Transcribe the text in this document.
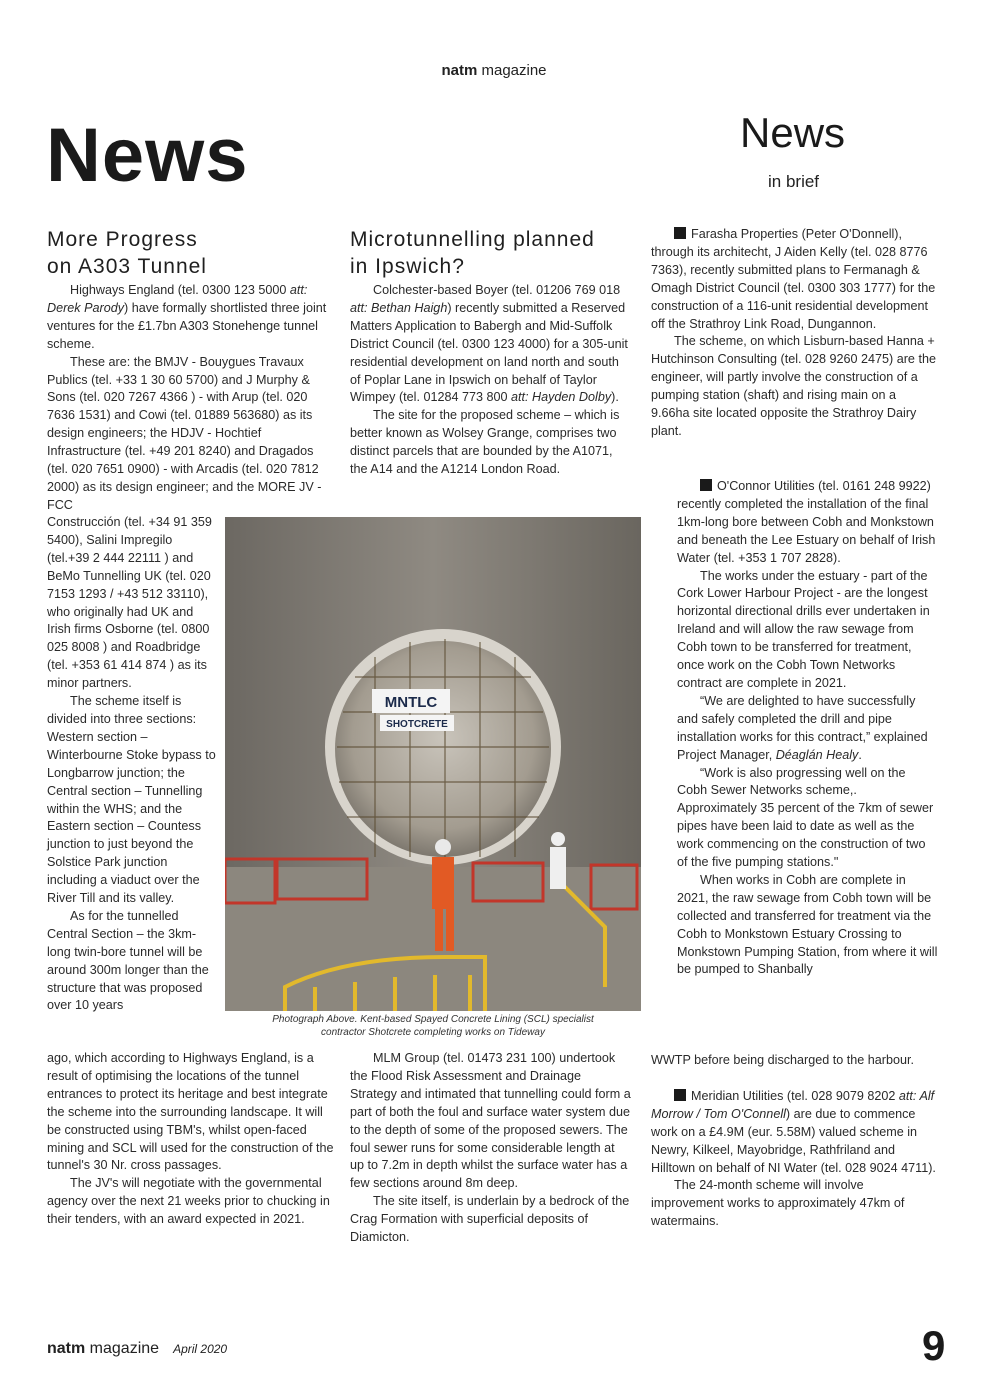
natm magazine
News	News
in brief
More Progress
on A303 Tunnel

Highways England (tel. 0300 123 5000 att: Derek Parody) have formally shortlisted three joint ventures for the £1.7bn A303 Stonehenge tunnel scheme.

These are: the BMJV - Bouygues Travaux Publics (tel. +33 1 30 60 5700) and J Murphy & Sons (tel. 020 7267 4366 ) - with Arup (tel. 020 7636 1531) and Cowi (tel. 01889 563680) as its design engineers; the HDJV - Hochtief Infrastructure (tel. +49 201 8240) and Dragados (tel. 020 7651 0900) - with Arcadis (tel. 020 7812 2000) as its design engineer; and the MORE JV - FCC

Construcción (tel. +34 91 359 5400), Salini Impregilo (tel.+39 2 444 22111 ) and BeMo Tunnelling UK (tel. 020 7153 1293 / +43 512 33110), who originally had UK and Irish firms Osborne (tel. 0800 025 8008 ) and Roadbridge (tel. +353 61 414 874 ) as its minor partners.

The scheme itself is divided into three sections: Western section – Winterbourne Stoke bypass to Longbarrow junction; the Central section – Tunnelling within the WHS; and the Eastern section – Countess junction to just beyond the Solstice Park junction including a viaduct over the River Till and its valley.

As for the tunnelled Central Section – the 3km-long twin-bore tunnel will be around 300m longer than the structure that was proposed over 10 years

ago, which according to Highways England, is a result of optimising the locations of the tunnel entrances to protect its heritage and best integrate the scheme into the surrounding landscape. It will be constructed using TBM's, whilst open-faced mining and SCL will used for the construction of the tunnel's 30 Nr. cross passages.

The JV's will negotiate with the governmental agency over the next 21 weeks prior to chucking in their tenders, with an award expected in 2021.

Microtunnelling planned
in Ipswich?

Colchester-based Boyer (tel. 01206 769 018 att: Bethan Haigh) recently submitted a Reserved Matters Application to Babergh and Mid-Suffolk District Council (tel. 0300 123 4000) for a 305-unit residential development on land north and south of Poplar Lane in Ipswich on behalf of Taylor Wimpey (tel. 01284 773 800 att: Hayden Dolby).

The site for the proposed scheme – which is better known as Wolsey Grange, comprises two distinct parcels that are bounded by the A1071, the A14 and the A1214 London Road.

MLM Group (tel. 01473 231 100) undertook the Flood Risk Assessment and Drainage Strategy and intimated that tunnelling could form a part of both the foul and surface water system due to the depth of some of the proposed sewers. The foul sewer runs for some considerable length at up to 7.2m in depth whilst the surface water has a few sections around 8m deep.

The site itself, is underlain by a bedrock of the Crag Formation with superficial deposits of Diamicton.

Farasha Properties (Peter O'Donnell), through its architecht, J Aiden Kelly (tel. 028 8776 7363), recently submitted plans to Fermanagh & Omagh District Council (tel. 0300 303 1777) for the construction of a 116-unit residential development off the Strathroy Link Road, Dungannon.

The scheme, on which Lisburn-based Hanna + Hutchinson Consulting (tel. 028 9260 2475) are the engineer, will partly involve the construction of a pumping station (shaft) and rising main on a 9.66ha site located opposite the Strathroy Dairy plant.

O'Connor Utilities (tel. 0161 248 9922) recently completed the installation of the final 1km-long bore between Cobh and Monkstown and beneath the Lee Estuary on behalf of Irish Water (tel. +353 1 707 2828).

The works under the estuary - part of the Cork Lower Harbour Project - are the longest horizontal directional drills ever undertaken in Ireland and will allow the raw sewage from Cobh town to be transferred for treatment, once work on the Cobh Town Networks contract are complete in 2021.

“We are delighted to have successfully and safely completed the drill and pipe installation works for this contract,” explained Project Manager, Déaglán Healy.

“Work is also progressing well on the Cobh Sewer Networks scheme,. Approximately 35 percent of the 7km of sewer pipes have been laid to date as well as the work commencing on the construction of two of the five pumping stations."

When works in Cobh are complete in 2021, the raw sewage from Cobh town will be collected and transferred for treatment via the Cobh to Monkstown Estuary Crossing to Monkstown Pumping Station, from where it will be pumped to Shanbally

WWTP before being discharged to the harbour.

Meridian Utilities (tel. 028 9079 8202 att: Alf Morrow / Tom O'Connell) are due to commence work on a £4.9M (eur. 5.58M) valued scheme in Newry, Kilkeel, Mayobridge, Rathfriland and Hilltown on behalf of NI Water (tel. 028 9024 4711).

The 24-month scheme will involve improvement works to approximately 47km of watermains.

MNTLC
SHOTCRETE
Photograph Above. Kent-based Spayed Concrete Lining (SCL) specialist
contractor Shotcrete completing works on Tideway
natm magazine April 2020	9
